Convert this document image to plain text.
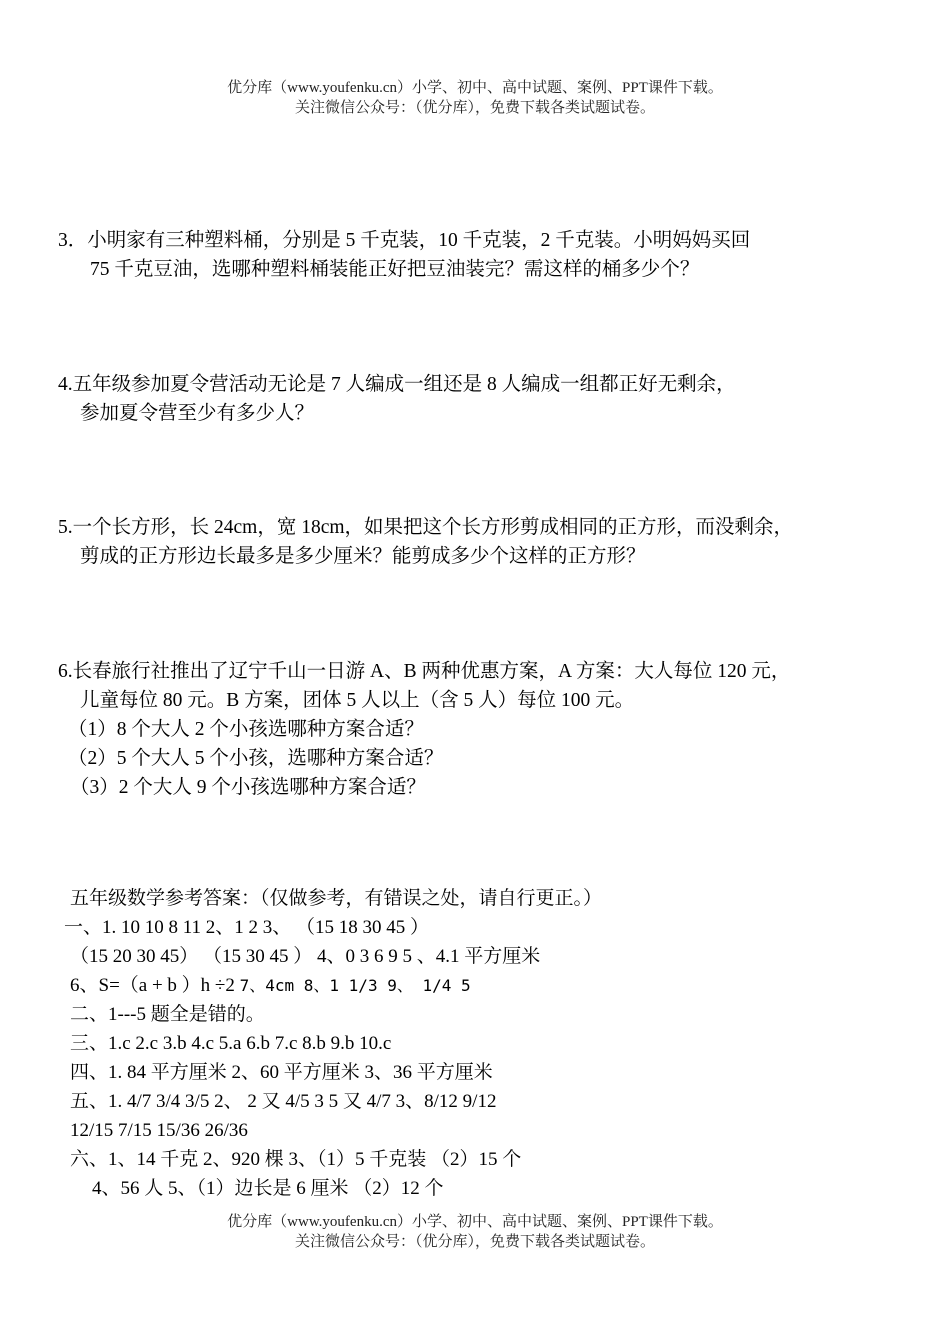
优分库（www.youfenku.cn）小学、初中、高中试题、案例、PPT课件下载。
关注微信公众号：（优分库），免费下载各类试题试卷。
3．小明家有三种塑料桶，分别是 5 千克装，10 千克装，2 千克装。小明妈妈买回
75 千克豆油，选哪种塑料桶装能正好把豆油装完？需这样的桶多少个？
4.五年级参加夏令营活动无论是 7 人编成一组还是 8 人编成一组都正好无剩余，
参加夏令营至少有多少人？
5.一个长方形，长 24cm，宽 18cm，如果把这个长方形剪成相同的正方形，而没剩余，
剪成的正方形边长最多是多少厘米？能剪成多少个这样的正方形？
6.长春旅行社推出了辽宁千山一日游 A、B 两种优惠方案，A 方案：大人每位 120 元，
儿童每位 80 元。B 方案，团体 5 人以上（含 5 人）每位 100 元。
（1）8 个大人 2 个小孩选哪种方案合适？
（2）5 个大人 5 个小孩，选哪种方案合适？
（3）2 个大人 9 个小孩选哪种方案合适？
五年级数学参考答案：（仅做参考，有错误之处，请自行更正。）
一、1. 10 10 8 11 2、1 2 3、 （15 18 30 45 ）
（15 20 30 45） （15 30 45 ） 4、0 3 6 9 5 、4.1 平方厘米
6、S=（a + b ）h ÷2 7、4cm 8、1 1/3 9、 1/4 5
二、1---5 题全是错的。
三、1.c 2.c 3.b 4.c 5.a 6.b 7.c 8.b 9.b 10.c
四、1. 84 平方厘米 2、60 平方厘米 3、36 平方厘米
五、1. 4/7 3/4 3/5 2、 2 又 4/5 3 5 又 4/7 3、8/12 9/12
12/15 7/15 15/36 26/36
六、1、14 千克 2、920 棵 3、（1）5 千克装 （2）15 个
4、56 人 5、（1）边长是 6 厘米 （2）12 个
优分库（www.youfenku.cn）小学、初中、高中试题、案例、PPT课件下载。
关注微信公众号：（优分库），免费下载各类试题试卷。
